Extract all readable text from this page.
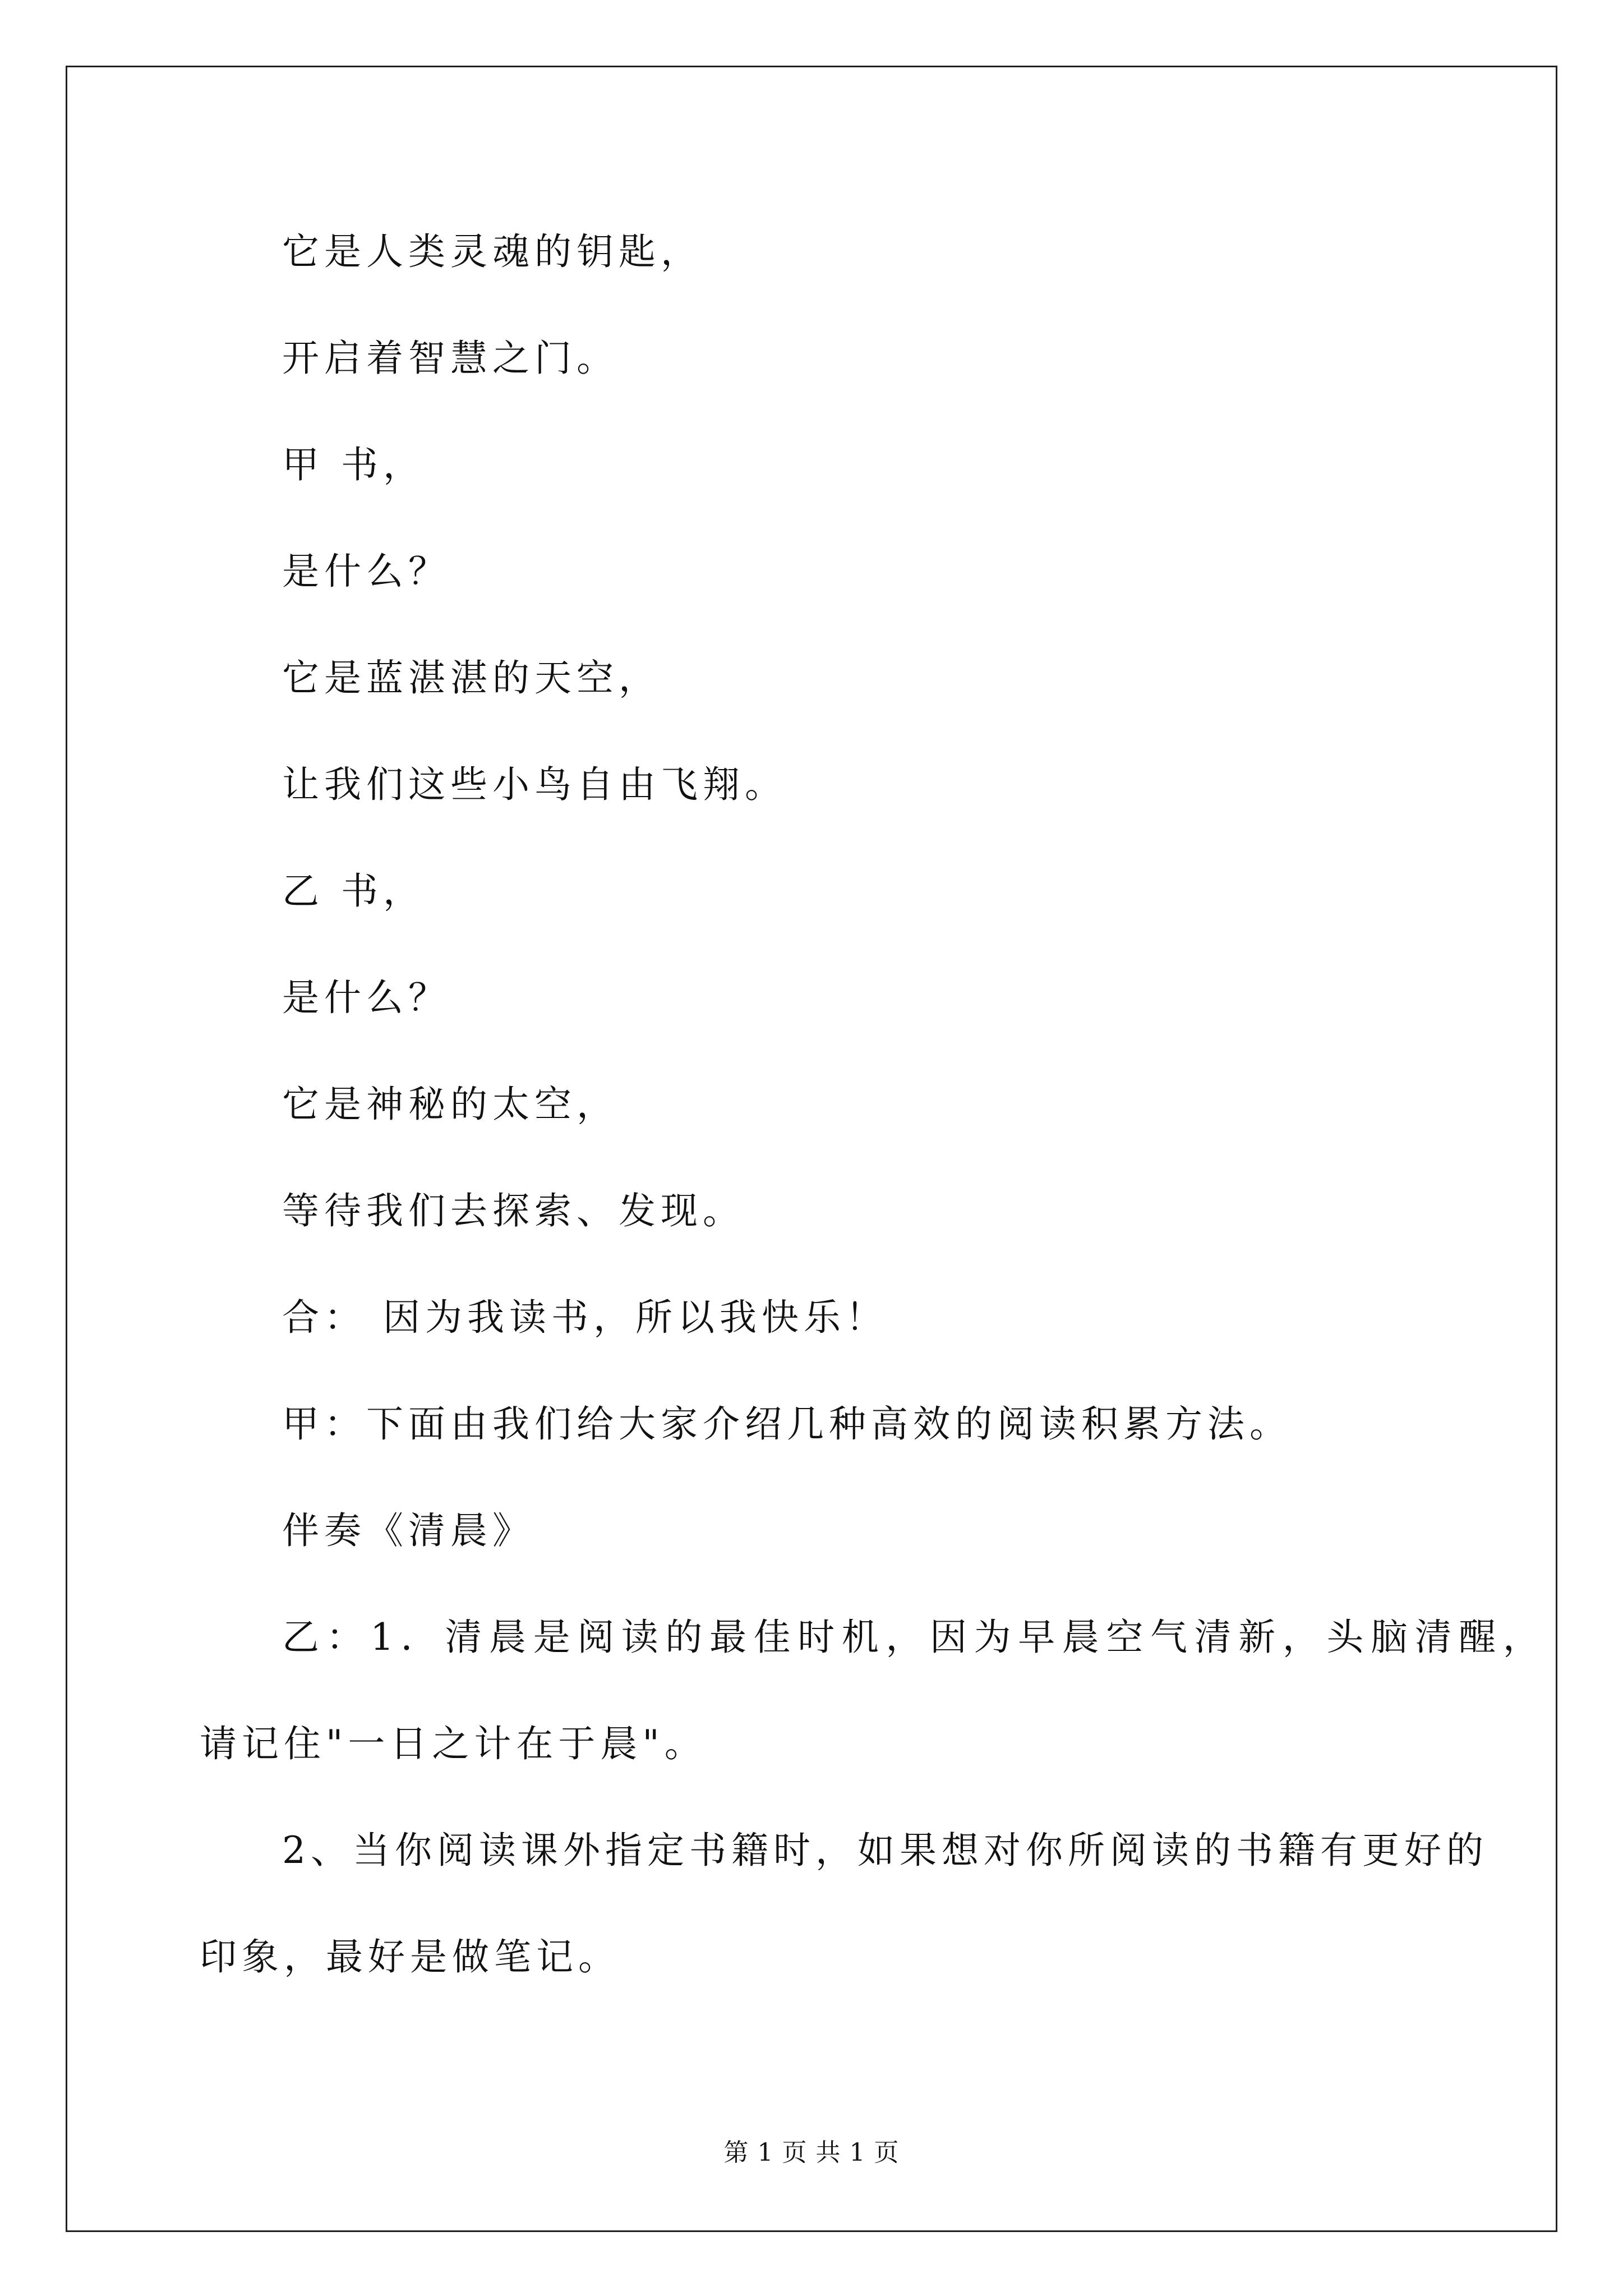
它是人类灵魂的钥匙，
开启着智慧之门。
甲 书，
是什么？
它是蓝湛湛的天空，
让我们这些小鸟自由飞翔。
乙 书，
是什么？
它是神秘的太空，
等待我们去探索、发现。
合： 因为我读书，所以我快乐！
甲：下面由我们给大家介绍几种高效的阅读积累方法。
伴奏《清晨》
乙：1．清晨是阅读的最佳时机，因为早晨空气清新，头脑清醒，
请记住"一日之计在于晨"。
2、当你阅读课外指定书籍时，如果想对你所阅读的书籍有更好的
印象，最好是做笔记。
第 1 页 共 1 页
